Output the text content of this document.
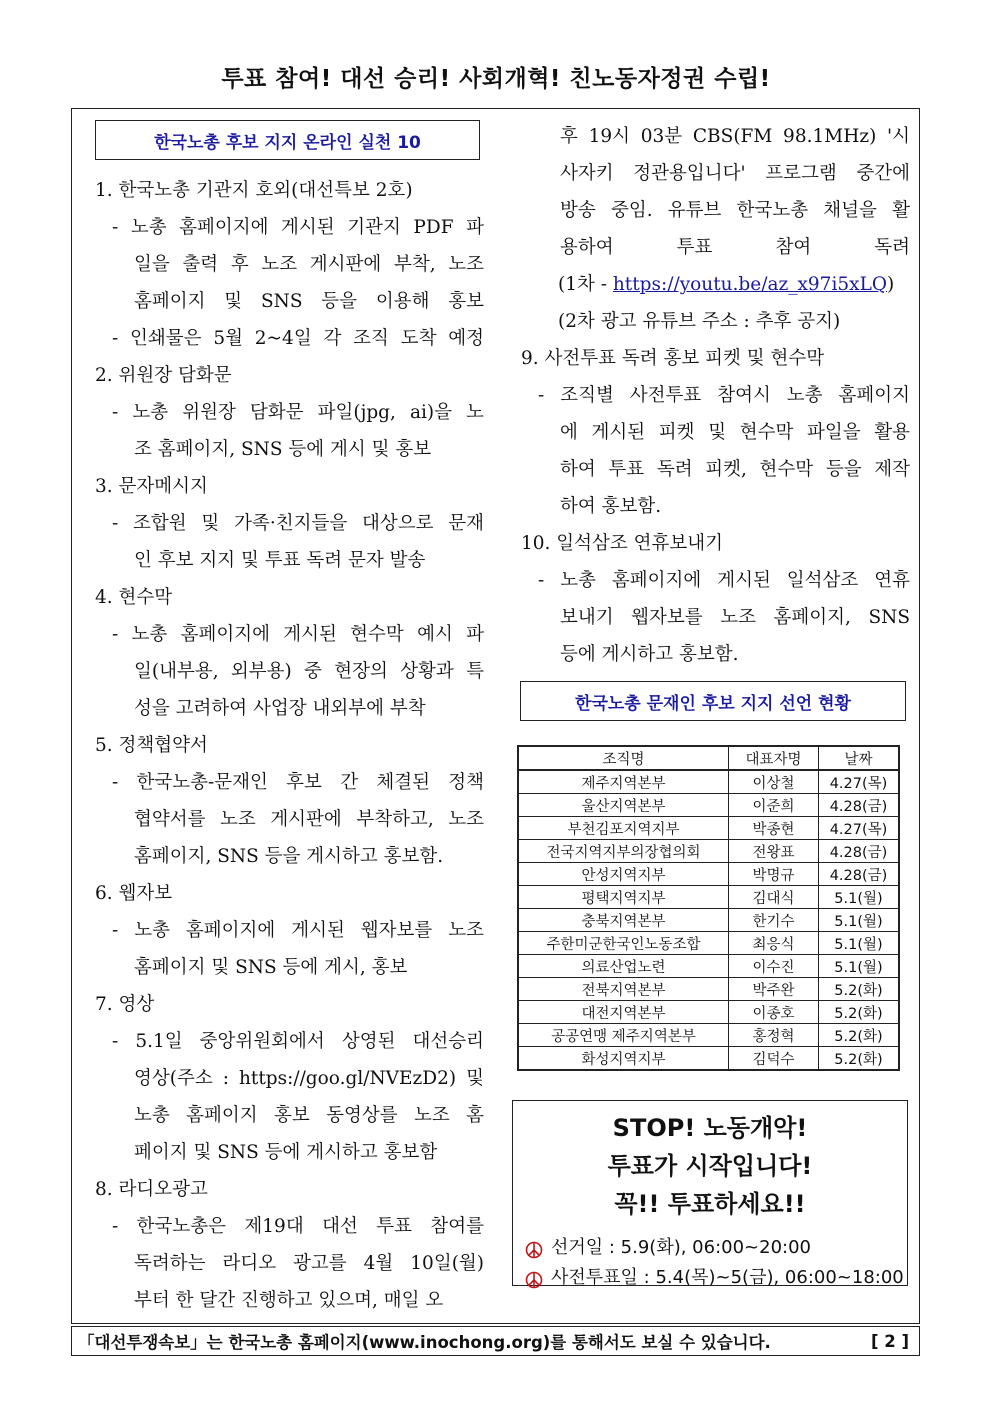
투표 참여! 대선 승리! 사회개혁! 친노동자정권 수립!
한국노총 후보 지지 온라인 실천 10
1. 한국노총 기관지 호외(대선특보 2호)
- 노총 홈페이지에 게시된 기관지 PDF 파
일을 출력 후 노조 게시판에 부착, 노조
홈페이지 및 SNS 등을 이용해 홍보
- 인쇄물은 5월 2~4일 각 조직 도착 예정
2. 위원장 담화문
- 노총 위원장 담화문 파일(jpg, ai)을 노
조 홈페이지, SNS 등에 게시 및 홍보
3. 문자메시지
- 조합원 및 가족·친지들을 대상으로 문재
인 후보 지지 및 투표 독려 문자 발송
4. 현수막
- 노총 홈페이지에 게시된 현수막 예시 파
일(내부용, 외부용) 중 현장의 상황과 특
성을 고려하여 사업장 내외부에 부착
5. 정책협약서
- 한국노총-문재인 후보 간 체결된 정책
협약서를 노조 게시판에 부착하고, 노조
홈페이지, SNS 등을 게시하고 홍보함.
6. 웹자보
- 노총 홈페이지에 게시된 웹자보를 노조
홈페이지 및 SNS 등에 게시, 홍보
7. 영상
- 5.1일 중앙위원회에서 상영된 대선승리
영상(주소 : https://goo.gl/NVEzD2) 및
노총 홈페이지 홍보 동영상를 노조 홈
페이지 및 SNS 등에 게시하고 홍보함
8. 라디오광고
- 한국노총은 제19대 대선 투표 참여를
독려하는 라디오 광고를 4월 10일(월)
부터 한 달간 진행하고 있으며, 매일 오
후 19시 03분 CBS(FM 98.1MHz) '시
사자키 정관용입니다' 프로그램 중간에
방송 중임. 유튜브 한국노총 채널을 활
용하여 투표 참여 독려
(1차 - https://youtu.be/az_x97i5xLQ)
(2차 광고 유튜브 주소 : 추후 공지)
9. 사전투표 독려 홍보 피켓 및 현수막
- 조직별 사전투표 참여시 노총 홈페이지
에 게시된 피켓 및 현수막 파일을 활용
하여 투표 독려 피켓, 현수막 등을 제작
하여 홍보함.
10. 일석삼조 연휴보내기
- 노총 홈페이지에 게시된 일석삼조 연휴
보내기 웹자보를 노조 홈페이지, SNS
등에 게시하고 홍보함.
한국노총 문재인 후보 지지 선언 현황
조직명	대표자명	날짜
제주지역본부	이상철	4.27(목)
울산지역본부	이준희	4.28(금)
부천김포지역지부	박종현	4.27(목)
전국지역지부의장협의회	전왕표	4.28(금)
안성지역지부	박명규	4.28(금)
평택지역지부	김대식	5.1(월)
충북지역본부	한기수	5.1(월)
주한미군한국인노동조합	최응식	5.1(월)
의료산업노련	이수진	5.1(월)
전북지역본부	박주완	5.2(화)
대전지역본부	이종호	5.2(화)
공공연맹 제주지역본부	홍정혁	5.2(화)
화성지역지부	김덕수	5.2(화)
STOP! 노동개악!
투표가 시작입니다!
꼭!! 투표하세요!!
선거일 : 5.9(화), 06:00~20:00
사전투표일 : 5.4(목)~5(금), 06:00~18:00
「대선투쟁속보」는 한국노총 홈페이지(www.inochong.org)를 통해서도 보실 수 있습니다.	[ 2 ]
